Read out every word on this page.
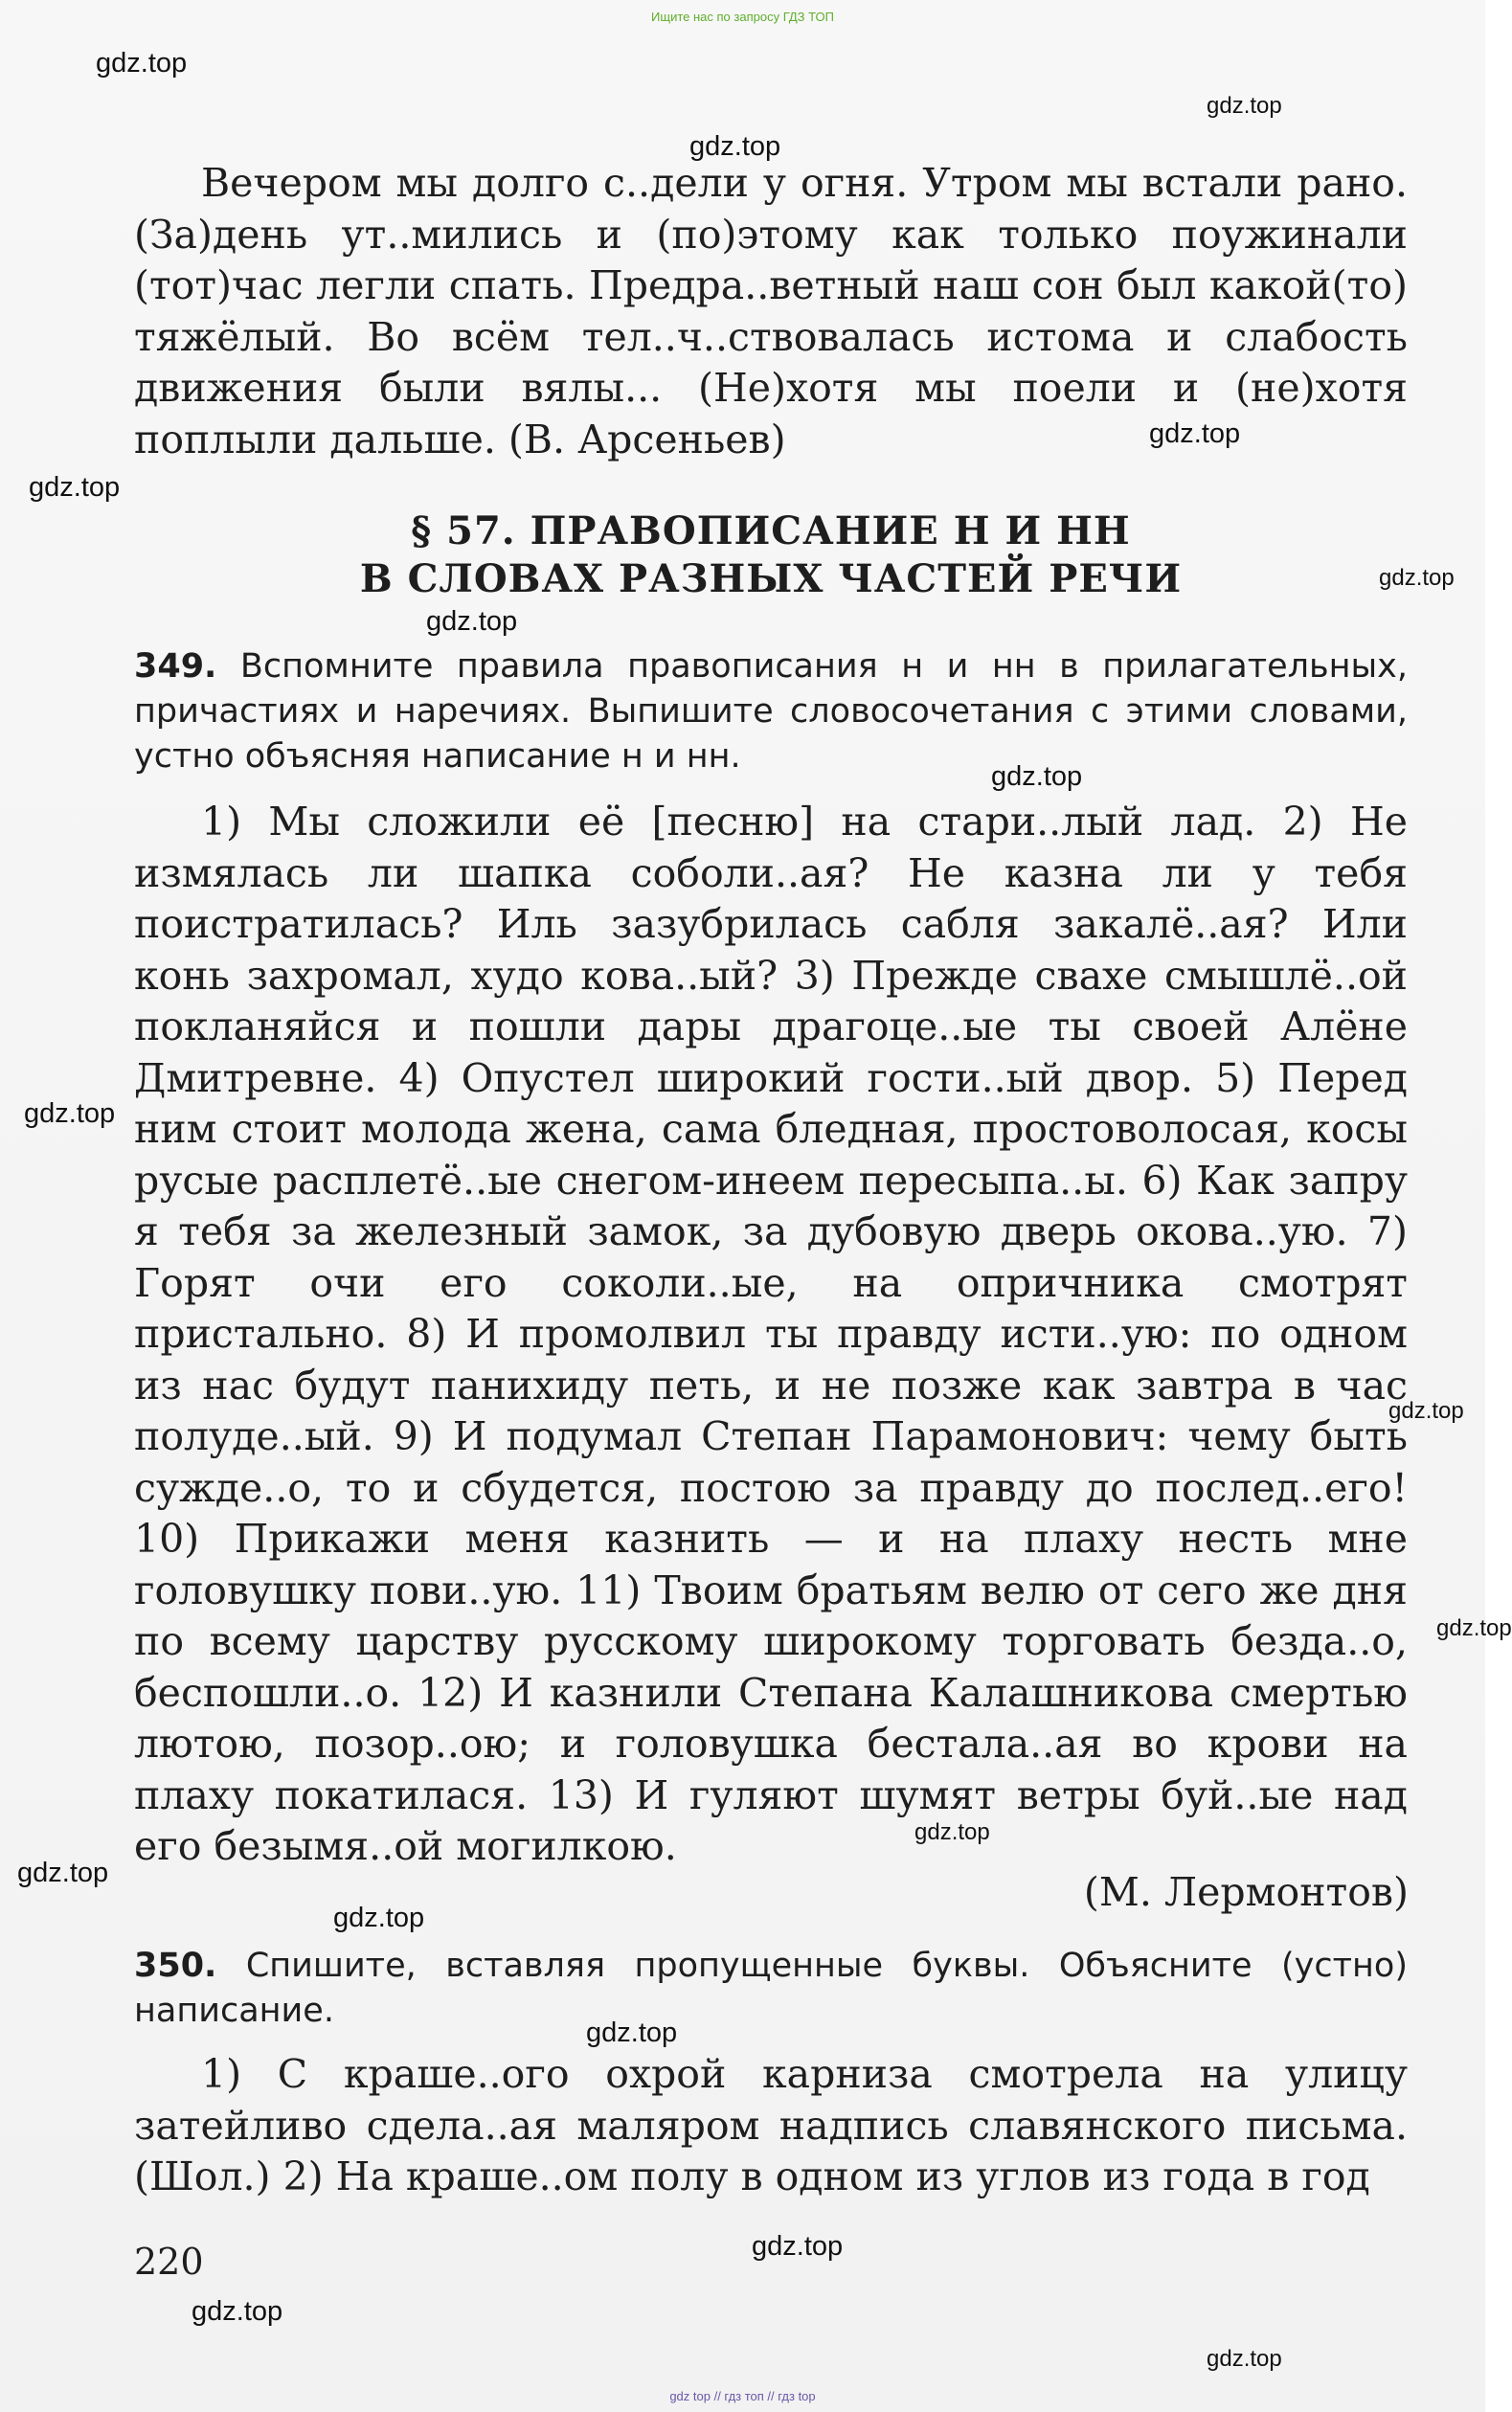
Ищите нас по запросу ГДЗ ТОП
gdz.top
gdz.top
gdz.top
gdz.top
gdz.top
gdz.top
gdz.top
gdz.top
gdz.top
gdz.top
gdz.top
gdz.top
gdz.top
gdz.top
gdz.top
gdz.top
gdz.top
gdz.top

Вечером мы долго с..дели у огня. Утром мы встали рано. (За)день ут..мились и (по)этому как только поужинали (тот)час легли спать. Предра..ветный наш сон был какой(то) тяжёлый. Во всём тел..ч..ствовалась истома и слабость движения были вялы... (Не)хотя мы поели и (не)хотя поплыли дальше. (В. Арсеньев)

§ 57. ПРАВОПИСАНИЕ Н И НН
В СЛОВАХ РАЗНЫХ ЧАСТЕЙ РЕЧИ
349. Вспомните правила правописания н и нн в прилагательных, причастиях и наречиях. Выпишите словосочетания с этими словами, устно объясняя написание н и нн.

1) Мы сложили её [песню] на стари..лый лад. 2) Не измялась ли шапка соболи..ая? Не казна ли у тебя поистратилась? Иль зазубрилась сабля закалё..ая? Или конь захромал, худо кова..ый? 3) Прежде свахе смышлё..ой покланяйся и пошли дары драгоце..ые ты своей Алёне Дмитревне. 4) Опустел широкий гости..ый двор. 5) Перед ним стоит молода жена, сама бледная, простоволосая, косы русые расплетё..ые снегом-инеем пересыпа..ы. 6) Как запру я тебя за железный замок, за дубовую дверь окова..ую. 7) Горят очи его соколи..ые, на опричника смотрят пристально. 8) И промолвил ты правду исти..ую: по одном из нас будут панихиду петь, и не позже как завтра в час полуде..ый. 9) И подумал Степан Парамонович: чему быть сужде..о, то и сбудется, постою за правду до послед..его! 10) Прикажи меня казнить — и на плаху несть мне головушку пови..ую. 11) Твоим братьям велю от сего же дня по всему царству русскому широкому торговать безда..о, беспошли..о. 12) И казнили Степана Калашникова смертью лютою, позор..ою; и головушка бестала..ая во крови на плаху покатилася. 13) И гуляют шумят ветры буй..ые над его безымя..ой могилкою.

(М. Лермонтов)
350. Спишите, вставляя пропущенные буквы. Объясните (устно) написание.

1) С краше..ого охрой карниза смотрела на улицу затейливо сдела..ая маляром надпись славянского письма. (Шол.) 2) На краше..ом полу в одном из углов из года в год

220
gdz top // гдз топ // гдз top
